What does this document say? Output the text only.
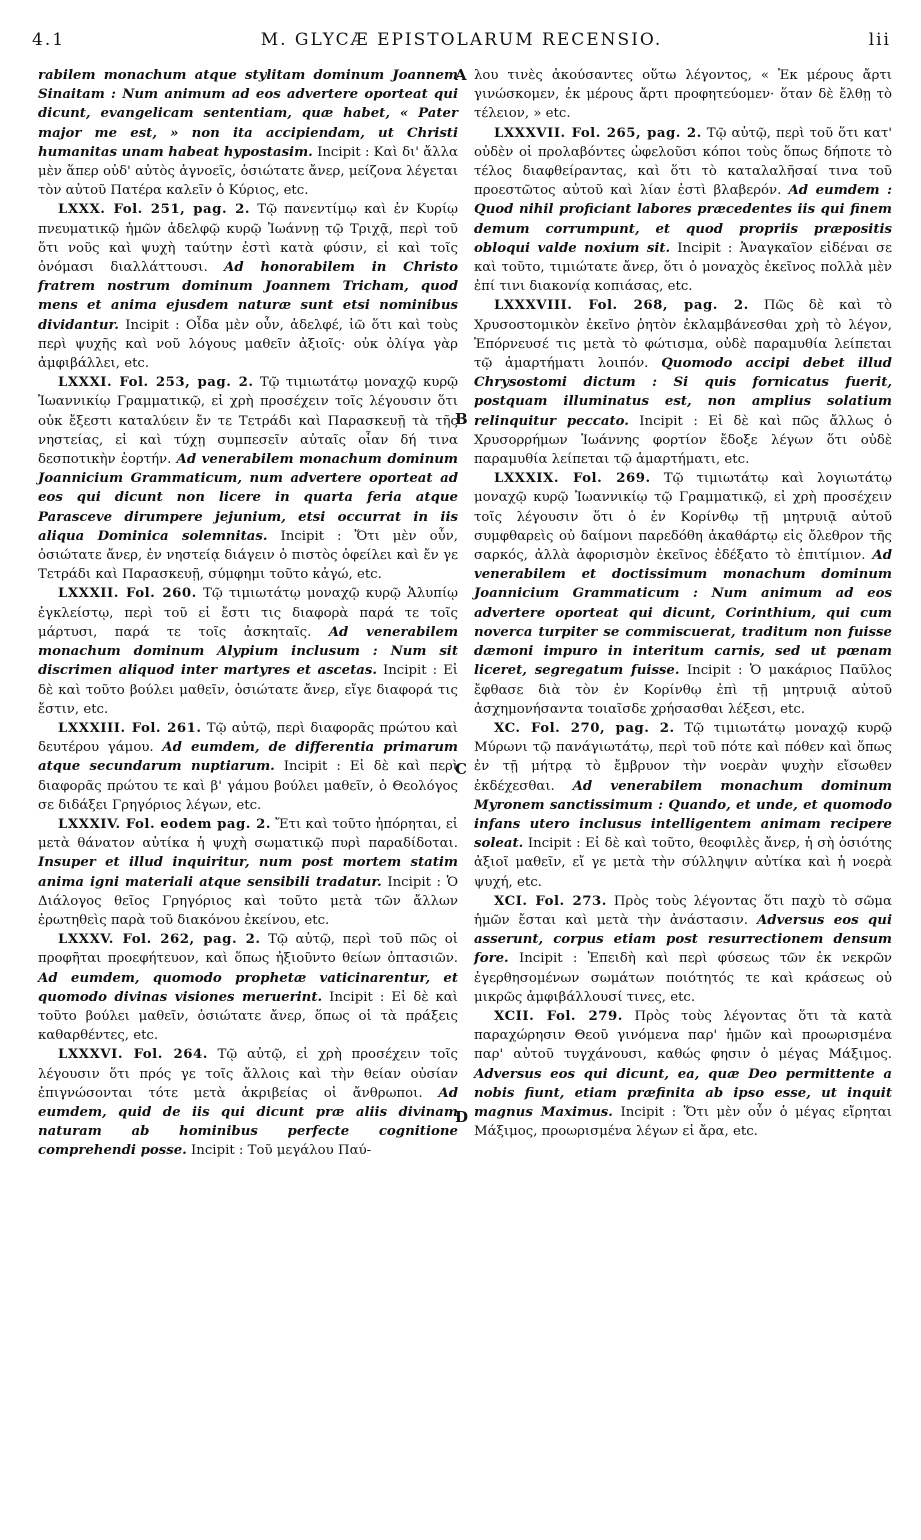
4.1	M. GLYCÆ EPISTOLARUM RECENSIO.	lii

rabilem monachum atque stylitam dominum Joannem Sinaitam : Num animum ad eos advertere oporteat qui dicunt, evangelicam sententiam, quæ habet, « Pater major me est, » non ita accipiendam, ut Christi humanitas unam habeat hypostasim. Incipit : Καὶ δι' ἄλλα μὲν ἅπερ οὐδ' αὐτὸς ἀγνοεῖς, ὁσιώτατε ἄνερ, μείζονα λέγεται τὸν αὐτοῦ Πατέρα καλεῖν ὁ Κύριος, etc.

LXXX. Fol. 251, pag. 2. Τῷ πανεντίμῳ καὶ ἐν Κυρίῳ πνευματικῷ ἡμῶν ἀδελφῷ κυρῷ Ἰωάννῃ τῷ Τριχᾷ, περὶ τοῦ ὅτι νοῦς καὶ ψυχὴ ταύτην ἐστὶ κατὰ φύσιν, εἰ καὶ τοῖς ὀνόμασι διαλλάττουσι. Ad honorabilem in Christo fratrem nostrum dominum Joannem Tricham, quod mens et anima ejusdem naturæ sunt etsi nominibus dividantur. Incipit : Οἶδα μὲν οὖν, ἀδελφέ, ἰῶ ὅτι καὶ τοὺς περὶ ψυχῆς καὶ νοῦ λόγους μαθεῖν ἀξιοῖς· οὐκ ὀλίγα γὰρ ἀμφιβάλλει, etc.

LXXXI. Fol. 253, pag. 2. Τῷ τιμιωτάτῳ μοναχῷ κυρῷ Ἰωαννικίῳ Γραμματικῷ, εἰ χρὴ προσέχειν τοῖς λέγουσιν ὅτι οὐκ ἔξεστι καταλύειν ἔν τε Τετράδι καὶ Παρασκευῇ τὰ τῆς νηστείας, εἰ καὶ τύχῃ συμπεσεῖν αὐταῖς οἷαν δή τινα δεσποτικὴν ἑορτήν. Ad venerabilem monachum dominum Joannicium Grammaticum, num advertere oporteat ad eos qui dicunt non licere in quarta feria atque Parasceve dirumpere jejunium, etsi occurrat in iis aliqua Dominica solemnitas. Incipit : Ὅτι μὲν οὖν, ὁσιώτατε ἄνερ, ἐν νηστείᾳ διάγειν ὁ πιστὸς ὀφείλει καὶ ἔν γε Τετράδι καὶ Παρασκευῇ, σύμφημι τοῦτο κἀγώ, etc.

LXXXII. Fol. 260. Τῷ τιμιωτάτῳ μοναχῷ κυρῷ Ἀλυπίῳ ἐγκλείστῳ, περὶ τοῦ εἰ ἔστι τις διαφορὰ παρά τε τοῖς μάρτυσι, παρά τε τοῖς ἀσκηταῖς. Ad venerabilem monachum dominum Alypium inclusum : Num sit discrimen aliquod inter martyres et ascetas. Incipit : Εἰ δὲ καὶ τοῦτο βούλει μαθεῖν, ὁσιώτατε ἄνερ, εἴγε διαφορά τις ἔστιν, etc.

LXXXIII. Fol. 261. Τῷ αὐτῷ, περὶ διαφορᾶς πρώτου καὶ δευτέρου γάμου. Ad eumdem, de differentia primarum atque secundarum nuptiarum. Incipit : Εἰ δὲ καὶ περὶ διαφορᾶς πρώτου τε καὶ β' γάμου βούλει μαθεῖν, ὁ Θεολόγος σε διδάξει Γρηγόριος λέγων, etc.

LXXXIV. Fol. eodem pag. 2. Ἔτι καὶ τοῦτο ἠπόρηται, εἰ μετὰ θάνατον αὐτίκα ἡ ψυχὴ σωματικῷ πυρὶ παραδίδοται. Insuper et illud inquiritur, num post mortem statim anima igni materiali atque sensibili tradatur. Incipit : Ὁ Διάλογος θεῖος Γρηγόριος καὶ τοῦτο μετὰ τῶν ἄλλων ἐρωτηθεὶς παρὰ τοῦ διακόνου ἐκείνου, etc.

LXXXV. Fol. 262, pag. 2. Τῷ αὐτῷ, περὶ τοῦ πῶς οἱ προφῆται προεφήτευον, καὶ ὅπως ἠξιοῦντο θείων ὀπτασιῶν. Ad eumdem, quomodo prophetæ vaticinarentur, et quomodo divinas visiones meruerint. Incipit : Εἰ δὲ καὶ τοῦτο βούλει μαθεῖν, ὁσιώτατε ἄνερ, ὅπως οἱ τὰ πράξεις καθαρθέντες, etc.

LXXXVI. Fol. 264. Τῷ αὐτῷ, εἰ χρὴ προσέχειν τοῖς λέγουσιν ὅτι πρός γε τοῖς ἄλλοις καὶ τὴν θείαν οὐσίαν ἐπιγνώσονται τότε μετὰ ἀκριβείας οἱ ἄνθρωποι. Ad eumdem, quid de iis qui dicunt præ aliis divinam naturam ab hominibus perfecte cognitione comprehendi posse. Incipit : Τοῦ μεγάλου Παύ-

λου τινὲς ἀκούσαντες οὕτω λέγοντος, « Ἐκ μέρους ἄρτι γινώσκομεν, ἐκ μέρους ἄρτι προφητεύομεν· ὅταν δὲ ἔλθῃ τὸ τέλειον, » etc.

LXXXVII. Fol. 265, pag. 2. Τῷ αὐτῷ, περὶ τοῦ ὅτι κατ' οὐδὲν οἱ προλαβόντες ὠφελοῦσι κόποι τοὺς ὅπως δήποτε τὸ τέλος διαφθείραντας, καὶ ὅτι τὸ καταλαλῆσαί τινα τοῦ προεστῶτος αὐτοῦ καὶ λίαν ἐστὶ βλαβερόν. Ad eumdem : Quod nihil proficiant labores præcedentes iis qui finem demum corrumpunt, et quod propriis præpositis obloqui valde noxium sit. Incipit : Ἀναγκαῖον εἰδέναι σε καὶ τοῦτο, τιμιώτατε ἄνερ, ὅτι ὁ μοναχὸς ἐκεῖνος πολλὰ μὲν ἐπί τινι διακονίᾳ κοπιάσας, etc.

LXXXVIII. Fol. 268, pag. 2. Πῶς δὲ καὶ τὸ Χρυσοστομικὸν ἐκεῖνο ῥητὸν ἐκλαμβάνεσθαι χρὴ τὸ λέγον, Ἐπόρνευσέ τις μετὰ τὸ φώτισμα, οὐδὲ παραμυθία λείπεται τῷ ἁμαρτήματι λοιπόν. Quomodo accipi debet illud Chrysostomi dictum : Si quis fornicatus fuerit, postquam illuminatus est, non amplius solatium relinquitur peccato. Incipit : Εἰ δὲ καὶ πῶς ἄλλως ὁ Χρυσορρήμων Ἰωάννης φορτίον ἔδοξε λέγων ὅτι οὐδὲ παραμυθία λείπεται τῷ ἁμαρτήματι, etc.

LXXXIX. Fol. 269. Τῷ τιμιωτάτῳ καὶ λογιωτάτῳ μοναχῷ κυρῷ Ἰωαννικίῳ τῷ Γραμματικῷ, εἰ χρὴ προσέχειν τοῖς λέγουσιν ὅτι ὁ ἐν Κορίνθῳ τῇ μητρυιᾷ αὐτοῦ συμφθαρεὶς οὐ δαίμονι παρεδόθη ἀκαθάρτῳ εἰς ὄλεθρον τῆς σαρκός, ἀλλὰ ἀφορισμὸν ἐκεῖνος ἐδέξατο τὸ ἐπιτίμιον. Ad venerabilem et doctissimum monachum dominum Joannicium Grammaticum : Num animum ad eos advertere oporteat qui dicunt, Corinthium, qui cum noverca turpiter se commiscuerat, traditum non fuisse dæmoni impuro in interitum carnis, sed ut pœnam liceret, segregatum fuisse. Incipit : Ὁ μακάριος Παῦλος ἔφθασε διὰ τὸν ἐν Κορίνθῳ ἐπὶ τῇ μητρυιᾷ αὐτοῦ ἀσχημονήσαντα τοιαῖσδε χρήσασθαι λέξεσι, etc.

XC. Fol. 270, pag. 2. Τῷ τιμιωτάτῳ μοναχῷ κυρῷ Μύρωνι τῷ πανάγιωτάτῳ, περὶ τοῦ πότε καὶ πόθεν καὶ ὅπως ἐν τῇ μήτρᾳ τὸ ἔμβρυον τὴν νοερὰν ψυχὴν εἴσωθεν ἐκδέχεσθαι. Ad venerabilem monachum dominum Myronem sanctissimum : Quando, et unde, et quomodo infans utero inclusus intelligentem animam recipere soleat. Incipit : Εἰ δὲ καὶ τοῦτο, θεοφιλὲς ἄνερ, ἡ σὴ ὁσιότης ἀξιοῖ μαθεῖν, εἴ γε μετὰ τὴν σύλληψιν αὐτίκα καὶ ἡ νοερὰ ψυχή, etc.

XCI. Fol. 273. Πρὸς τοὺς λέγοντας ὅτι παχὺ τὸ σῶμα ἡμῶν ἔσται καὶ μετὰ τὴν ἀνάστασιν. Adversus eos qui asserunt, corpus etiam post resurrectionem densum fore. Incipit : Ἐπειδὴ καὶ περὶ φύσεως τῶν ἐκ νεκρῶν ἐγερθησομένων σωμάτων ποιότητός τε καὶ κράσεως οὐ μικρῶς ἀμφιβάλλουσί τινες, etc.

XCII. Fol. 279. Πρὸς τοὺς λέγοντας ὅτι τὰ κατὰ παραχώρησιν Θεοῦ γινόμενα παρ' ἡμῶν καὶ προωρισμένα παρ' αὐτοῦ τυγχάνουσι, καθώς φησιν ὁ μέγας Μάξιμος. Adversus eos qui dicunt, ea, quæ Deo permittente a nobis fiunt, etiam præfinita ab ipso esse, ut inquit magnus Maximus. Incipit : Ὅτι μὲν οὖν ὁ μέγας εἴρηται Μάξιμος, προωρισμένα λέγων εἰ ἄρα, etc.

A
B
C
D
